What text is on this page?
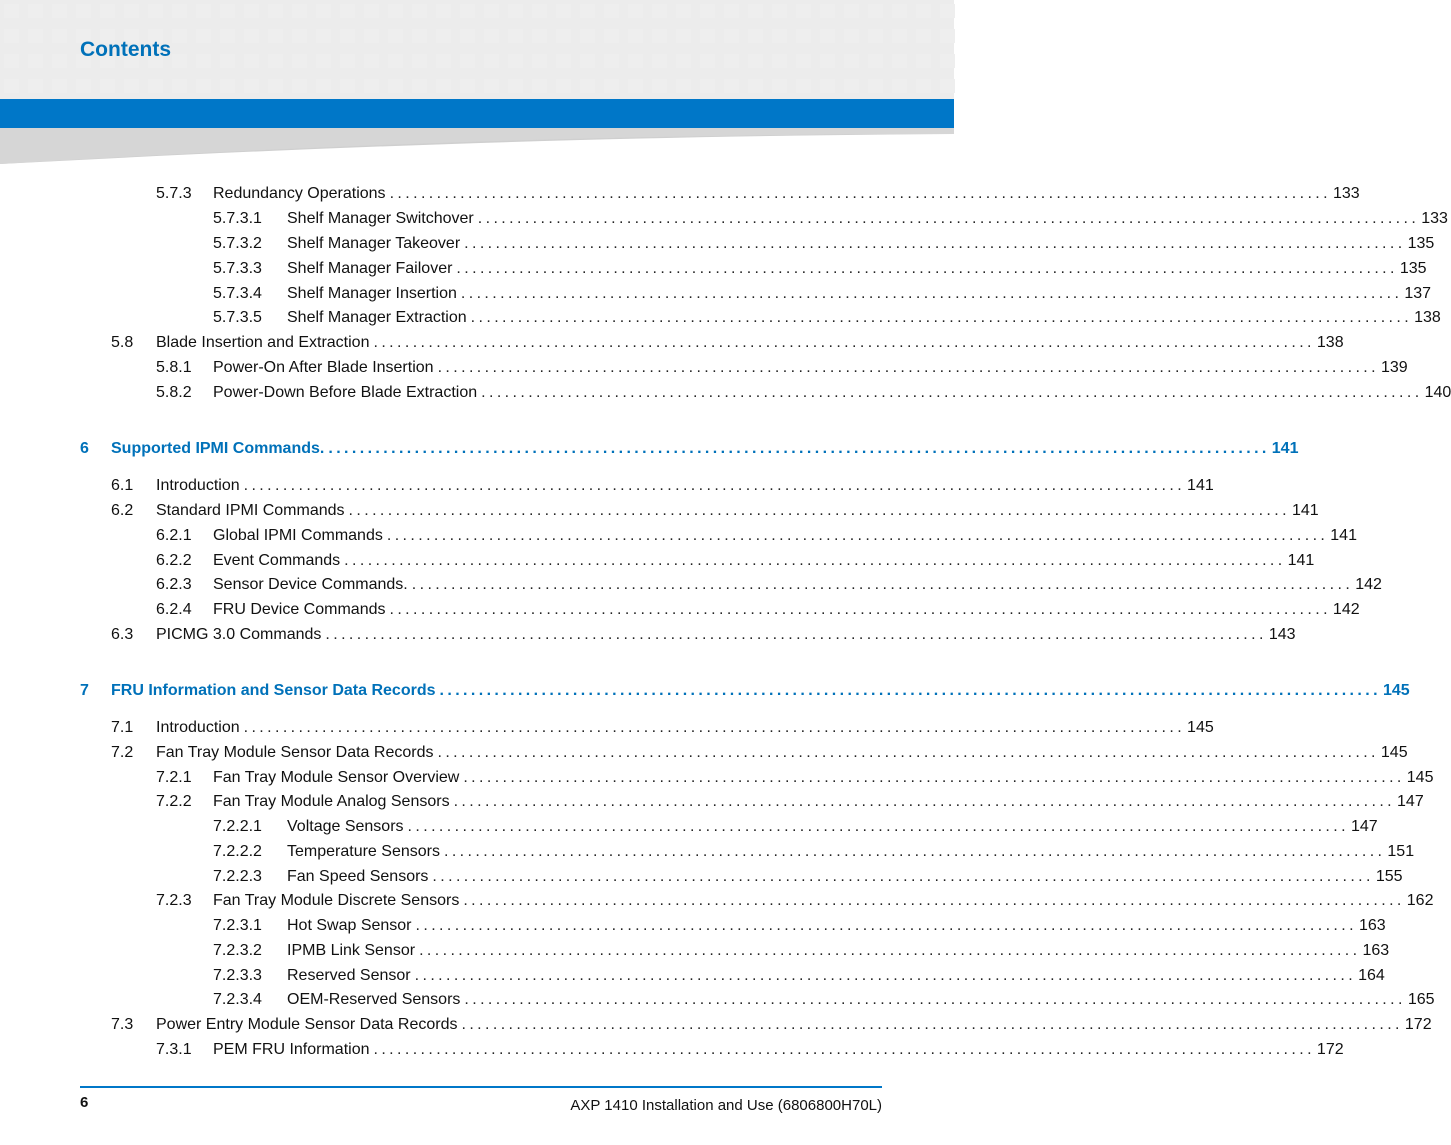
Contents
5.7.3	Redundancy Operations ........................................................................................................................ 133
5.7.3.1	Shelf Manager Switchover ........................................................................................................................ 133
5.7.3.2	Shelf Manager Takeover ........................................................................................................................ 135
5.7.3.3	Shelf Manager Failover ........................................................................................................................ 135
5.7.3.4	Shelf Manager Insertion ........................................................................................................................ 137
5.7.3.5	Shelf Manager Extraction ........................................................................................................................ 138
5.8	Blade Insertion and Extraction ........................................................................................................................ 138
5.8.1	Power-On After Blade Insertion ........................................................................................................................ 139
5.8.2	Power-Down Before Blade Extraction ........................................................................................................................ 140
6	Supported IPMI Commands. ........................................................................................................................ 141
6.1	Introduction ........................................................................................................................ 141
6.2	Standard IPMI Commands ........................................................................................................................ 141
6.2.1	Global IPMI Commands ........................................................................................................................ 141
6.2.2	Event Commands ........................................................................................................................ 141
6.2.3	Sensor Device Commands. ........................................................................................................................ 142
6.2.4	FRU Device Commands ........................................................................................................................ 142
6.3	PICMG 3.0 Commands ........................................................................................................................ 143
7	FRU Information and Sensor Data Records ........................................................................................................................ 145
7.1	Introduction ........................................................................................................................ 145
7.2	Fan Tray Module Sensor Data Records ........................................................................................................................ 145
7.2.1	Fan Tray Module Sensor Overview ........................................................................................................................ 145
7.2.2	Fan Tray Module Analog Sensors ........................................................................................................................ 147
7.2.2.1	Voltage Sensors ........................................................................................................................ 147
7.2.2.2	Temperature Sensors ........................................................................................................................ 151
7.2.2.3	Fan Speed Sensors ........................................................................................................................ 155
7.2.3	Fan Tray Module Discrete Sensors ........................................................................................................................ 162
7.2.3.1	Hot Swap Sensor ........................................................................................................................ 163
7.2.3.2	IPMB Link Sensor ........................................................................................................................ 163
7.2.3.3	Reserved Sensor ........................................................................................................................ 164
7.2.3.4	OEM-Reserved Sensors ........................................................................................................................ 165
7.3	Power Entry Module Sensor Data Records ........................................................................................................................ 172
7.3.1	PEM FRU Information ........................................................................................................................ 172
6	AXP 1410 Installation and Use (6806800H70L)
